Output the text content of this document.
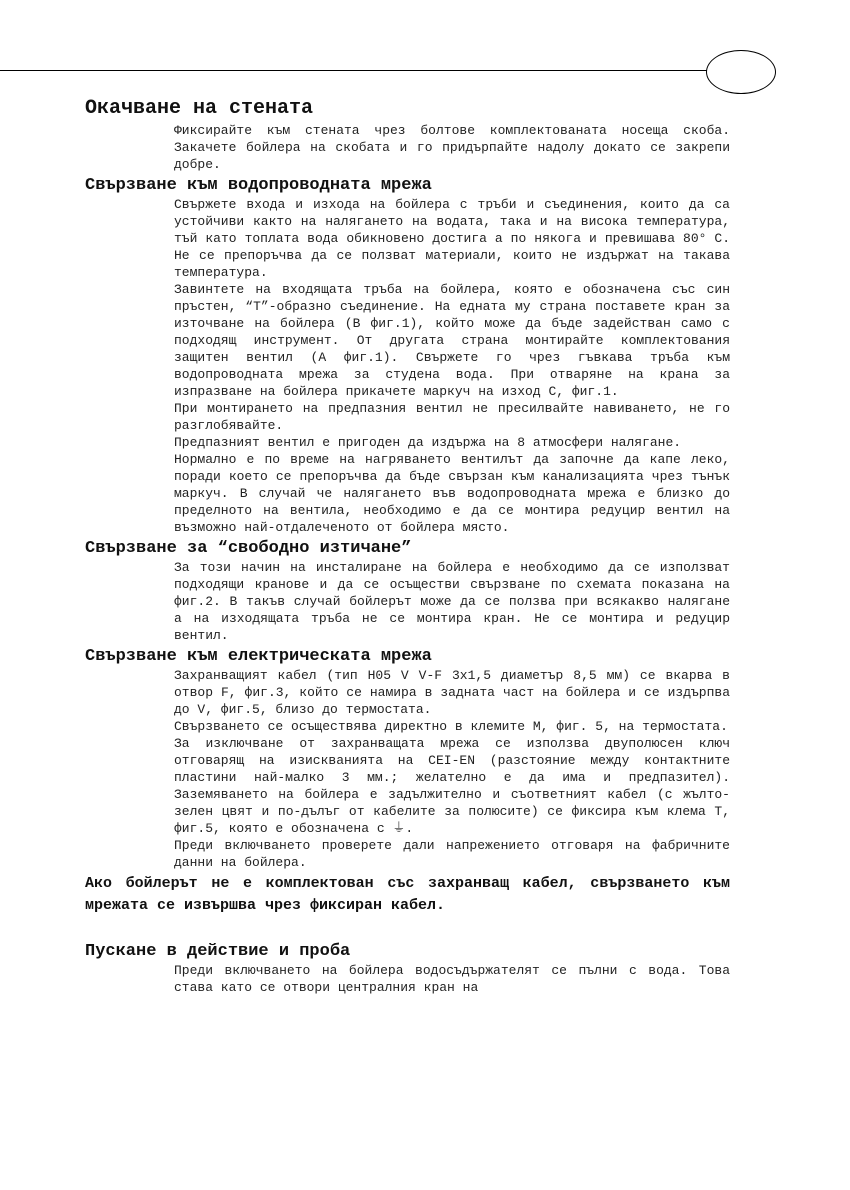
Окачване на стената

Фиксирайте към стената чрез болтове комплектованата носеща скоба. Закачете бойлера на скобата и го придърпайте надолу докато се закрепи добре.

Свързване към водопроводната мрежа

Свържете входа и изхода на бойлера с тръби и съединения, които да са устойчиви както на налягането на водата, така и на висока температура, тъй като топлата вода обикновено достига а по някога и превишава 80° С. Не се препоръчва да се ползват материали, които не издържат на такава температура.

Завинтете на входящата тръба на бойлера, която е обозначена със син пръстен, “Т”-образно съединение. На едната му страна поставете кран за източване на бойлера (В фиг.1), който може да бъде задействан само с подходящ инструмент. От другата страна монтирайте комплектования защитен вентил (А фиг.1). Свържете го чрез гъвкава тръба към водопроводната мрежа за студена вода. При отваряне на крана за изпразване на бойлера прикачете маркуч на изход С, фиг.1.

При монтирането на предпазния вентил не пресилвайте навиването, не го разглобявайте.

Предпазният вентил е пригоден да издържа на 8 атмосфери налягане.

Нормално е по време на нагряването вентилът да започне да капе леко, поради което се препоръчва да бъде свързан към канализацията чрез тънък маркуч. В случай че налягането във водопроводната мрежа е близко до пределното на вентила, необходимо е да се монтира редуцир вентил на възможно най-отдалеченото от бойлера място.

Свързване за “свободно изтичане”

За този начин на инсталиране на бойлера е необходимо да се използват подходящи кранове и да се осъществи свързване по схемата показана на фиг.2. В такъв случай бойлерът може да се ползва при всякакво налягане а на изходящата тръба не се монтира кран. Не се монтира и редуцир вентил.

Свързване към електрическата мрежа

Захранващият кабел (тип Н05 V V-F 3х1,5 диаметър 8,5 мм) се вкарва в отвор F, фиг.3, който се намира в задната част на бойлера и се издърпва до V, фиг.5, близо до термостата.

Свързването се осъществява директно в клемите М, фиг. 5, на термостата.

За изключване от захранващата мрежа се използва двуполюсен ключ отговарящ на изискванията на CEI-EN (разстояние между контактните пластини най-малко 3 мм.; желателно е да има и предпазител). Заземяването на бойлера е задължително и съответният кабел (с жълто-зелен цвят и по-дълъг от кабелите за полюсите) се фиксира към клема Т, фиг.5, която е обозначена с ⏚.

Преди включването проверете дали напрежението отговаря на фабричните данни на бойлера.

Ако бойлерът не е комплектован със захранващ кабел, свързването към мрежата се извършва чрез фиксиран кабел.

Пускане в действие и проба

Преди включването на бойлера водосъдържателят се пълни с вода. Това става като се отвори централния кран на
